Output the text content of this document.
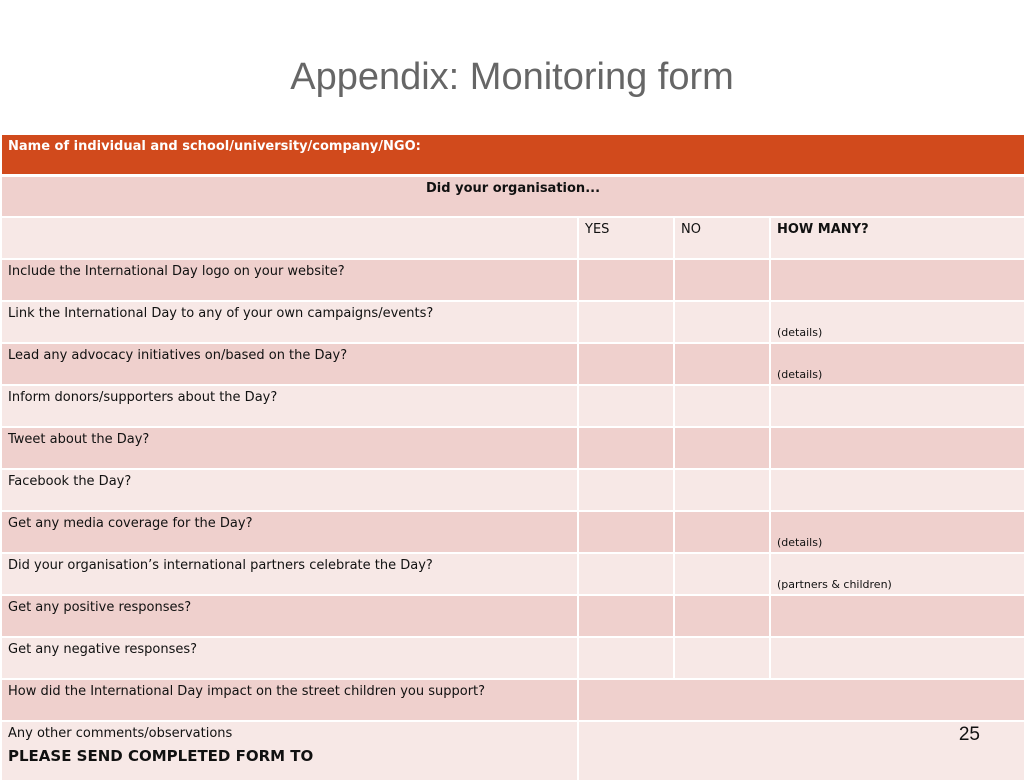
Appendix: Monitoring form
Name of individual and school/university/company/NGO:			
Did your organisation...			
	YES	NO	HOW MANY?
Include the International Day logo on your website?			

Link the International Day to any of your own campaigns/events?			(details)

Lead any advocacy initiatives on/based on the Day?			(details)

Inform donors/supporters about the Day?			

Tweet about the Day?			

Facebook the Day?			

Get any media coverage for the Day?			(details)

Did your organisation’s international partners celebrate the Day?			(partners & children)

Get any positive responses?			

Get any negative responses?			

How did the International Day impact on the street children you support?			
Any other comments/observations
PLEASE SEND COMPLETED FORM TO			

25
